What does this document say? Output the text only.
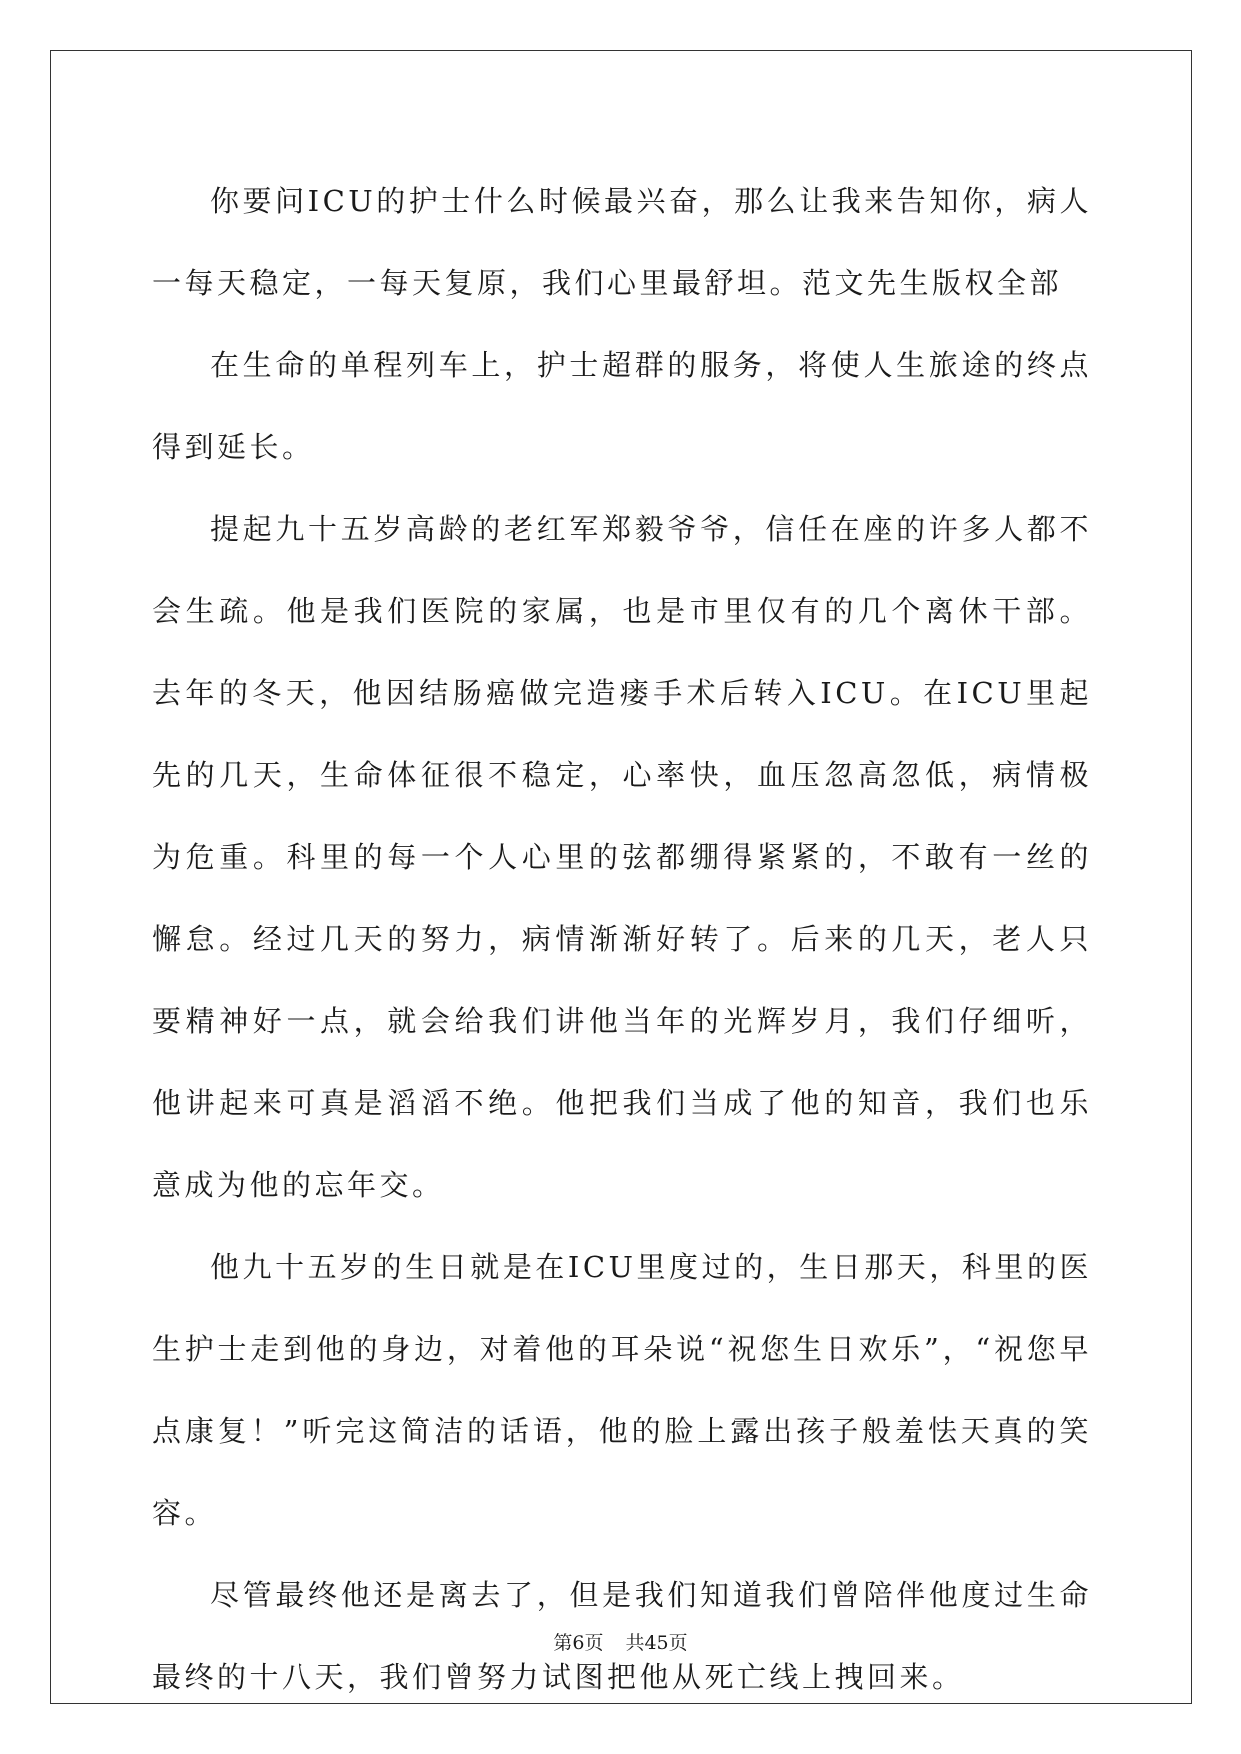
你要问ICU的护士什么时候最兴奋，那么让我来告知你，病人一每天稳定，一每天复原，我们心里最舒坦。范文先生版权全部

在生命的单程列车上，护士超群的服务，将使人生旅途的终点得到延长。

提起九十五岁高龄的老红军郑毅爷爷，信任在座的许多人都不会生疏。他是我们医院的家属，也是市里仅有的几个离休干部。去年的冬天，他因结肠癌做完造瘘手术后转入ICU。在ICU里起先的几天，生命体征很不稳定，心率快，血压忽高忽低，病情极为危重。科里的每一个人心里的弦都绷得紧紧的，不敢有一丝的懈怠。经过几天的努力，病情渐渐好转了。后来的几天，老人只要精神好一点，就会给我们讲他当年的光辉岁月，我们仔细听，他讲起来可真是滔滔不绝。他把我们当成了他的知音，我们也乐意成为他的忘年交。

他九十五岁的生日就是在ICU里度过的，生日那天，科里的医生护士走到他的身边，对着他的耳朵说“祝您生日欢乐”，“祝您早点康复！”听完这简洁的话语，他的脸上露出孩子般羞怯天真的笑容。

尽管最终他还是离去了，但是我们知道我们曾陪伴他度过生命最终的十八天，我们曾努力试图把他从死亡线上拽回来。

第6页 共45页
